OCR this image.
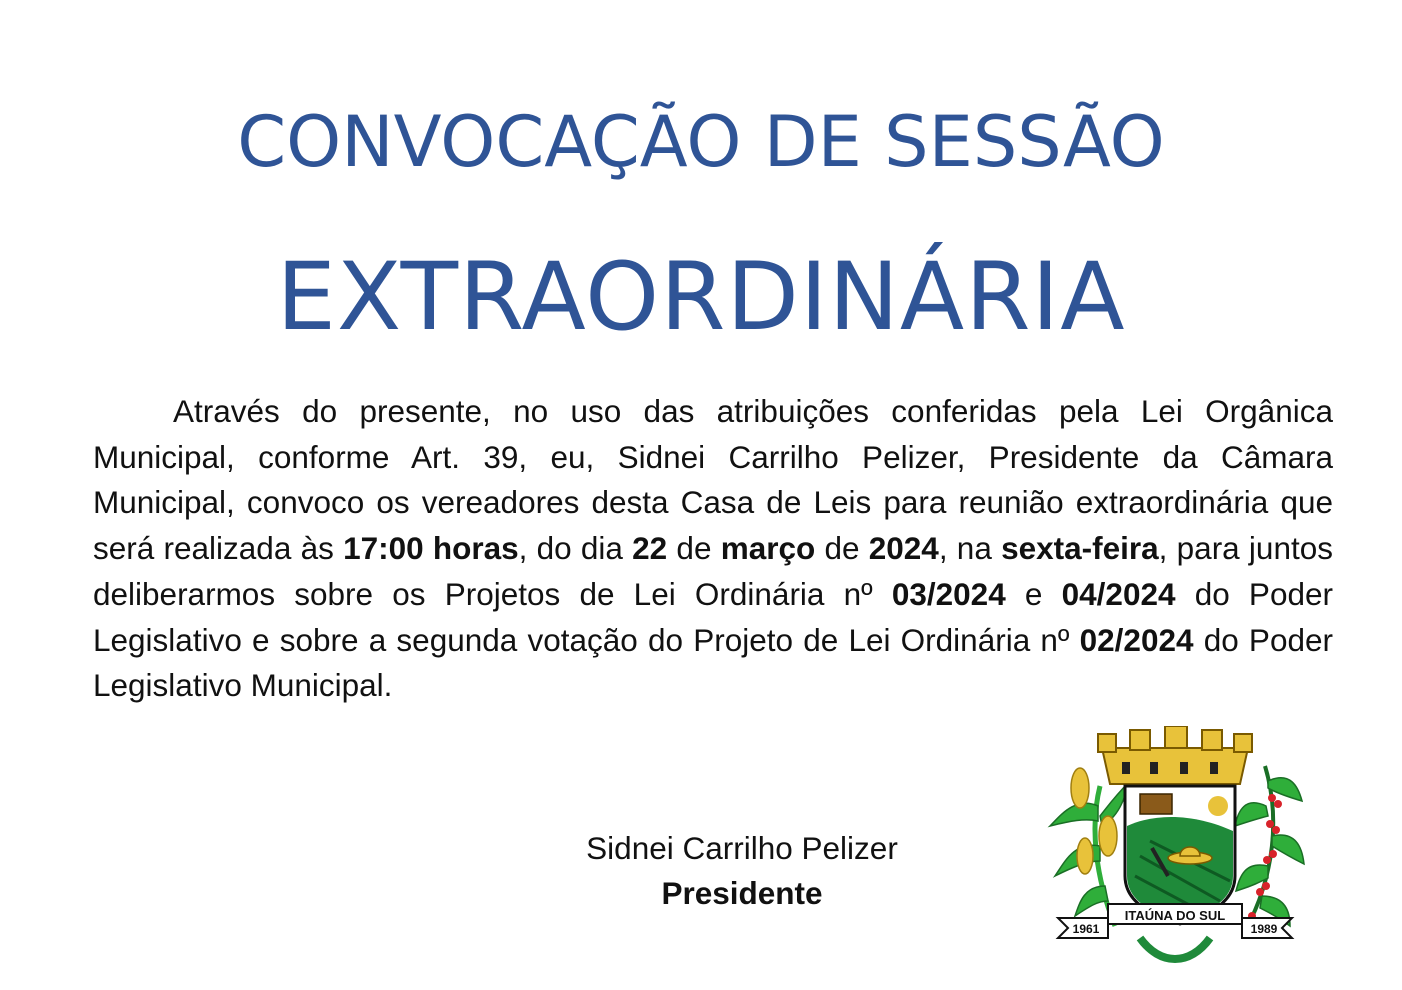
CONVOCAÇÃO DE SESSÃO
EXTRAORDINÁRIA
Através do presente, no uso das atribuições conferidas pela Lei Orgânica Municipal, conforme Art. 39, eu, Sidnei Carrilho Pelizer, Presidente da Câmara Municipal, convoco os vereadores desta Casa de Leis para reunião extraordinária que será realizada às 17:00 horas, do dia 22 de março de 2024, na sexta-feira, para juntos deliberarmos sobre os Projetos de Lei Ordinária nº 03/2024 e 04/2024 do Poder Legislativo e sobre a segunda votação do Projeto de Lei Ordinária nº 02/2024 do Poder Legislativo Municipal.
Sidnei Carrilho Pelizer
Presidente
ITAÚNA DO SUL
1961	1989
